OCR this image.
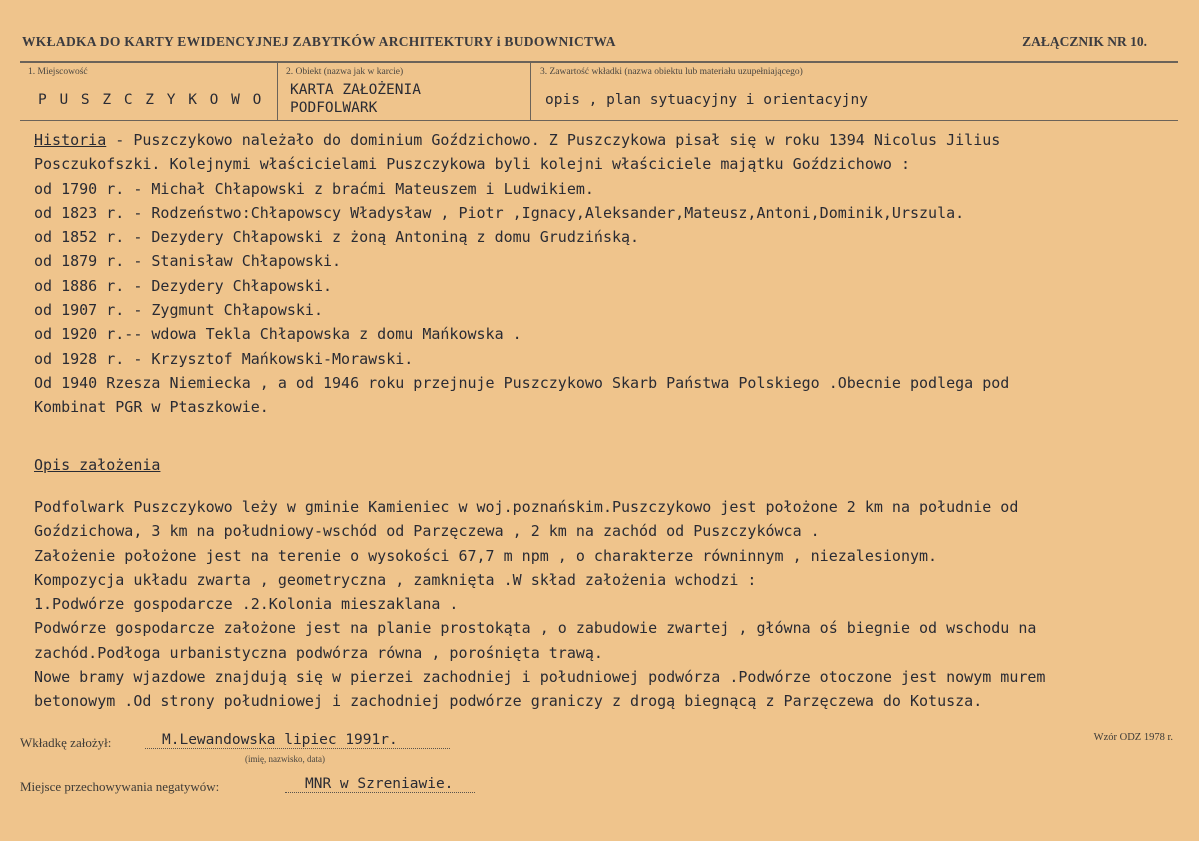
WKŁADKA DO KARTY EWIDENCYJNEJ ZABYTKÓW ARCHITEKTURY i BUDOWNICTWA	ZAŁĄCZNIK NR 10.
1. Miejscowość
P U S Z C Z Y K O W O
2. Obiekt (nazwa jak w karcie)
KARTA ZAŁOŻENIA
PODFOLWARK
3. Zawartość wkładki (nazwa obiektu lub materiału uzupełniającego)
opis , plan sytuacyjny i orientacyjny
Historia - Puszczykowo należało do dominium Goździchowo. Z Puszczykowa pisał się w roku 1394 Nicolus Jilius
Posczukofszki. Kolejnymi właścicielami Puszczykowa byli kolejni właściciele majątku Goździchowo :
od 1790 r. - Michał Chłapowski z braćmi Mateuszem i Ludwikiem.
od 1823 r. - Rodzeństwo:Chłapowscy Władysław , Piotr ,Ignacy,Aleksander,Mateusz,Antoni,Dominik,Urszula.
od 1852 r. - Dezydery Chłapowski z żoną Antoniną z domu Grudzińską.
od 1879 r. - Stanisław Chłapowski.
od 1886 r. - Dezydery Chłapowski.
od 1907 r. - Zygmunt Chłapowski.
od 1920 r.-- wdowa Tekla Chłapowska z domu Mańkowska .
od 1928 r. - Krzysztof Mańkowski-Morawski.
Od 1940 Rzesza Niemiecka , a od 1946 roku przejnuje Puszczykowo Skarb Państwa Polskiego .Obecnie podlega pod
Kombinat PGR w Ptaszkowie.
Opis założenia
Podfolwark Puszczykowo leży w gminie Kamieniec w woj.poznańskim.Puszczykowo jest położone 2 km na południe od
Goździchowa, 3 km na południowy-wschód od Parzęczewa , 2 km na zachód od Puszczykówca .
Założenie położone jest na terenie o wysokości 67,7 m npm , o charakterze równinnym , niezalesionym.
Kompozycja układu zwarta , geometryczna , zamknięta .W skład założenia wchodzi :
1.Podwórze gospodarcze .2.Kolonia mieszaklana .
Podwórze gospodarcze założone jest na planie prostokąta , o zabudowie zwartej , główna oś biegnie od wschodu na
zachód.Podłoga urbanistyczna podwórza równa , porośnięta trawą.
Nowe bramy wjazdowe znajdują się w pierzei zachodniej i południowej podwórza .Podwórze otoczone jest nowym murem
betonowym .Od strony południowej i zachodniej podwórze graniczy z drogą biegnącą z Parzęczewa do Kotusza.
Wkładkę założył:	M.Lewandowska lipiec 1991r.
(imię, nazwisko, data)
Wzór ODZ 1978 r.
Miejsce przechowywania negatywów:	MNR w Szreniawie.
